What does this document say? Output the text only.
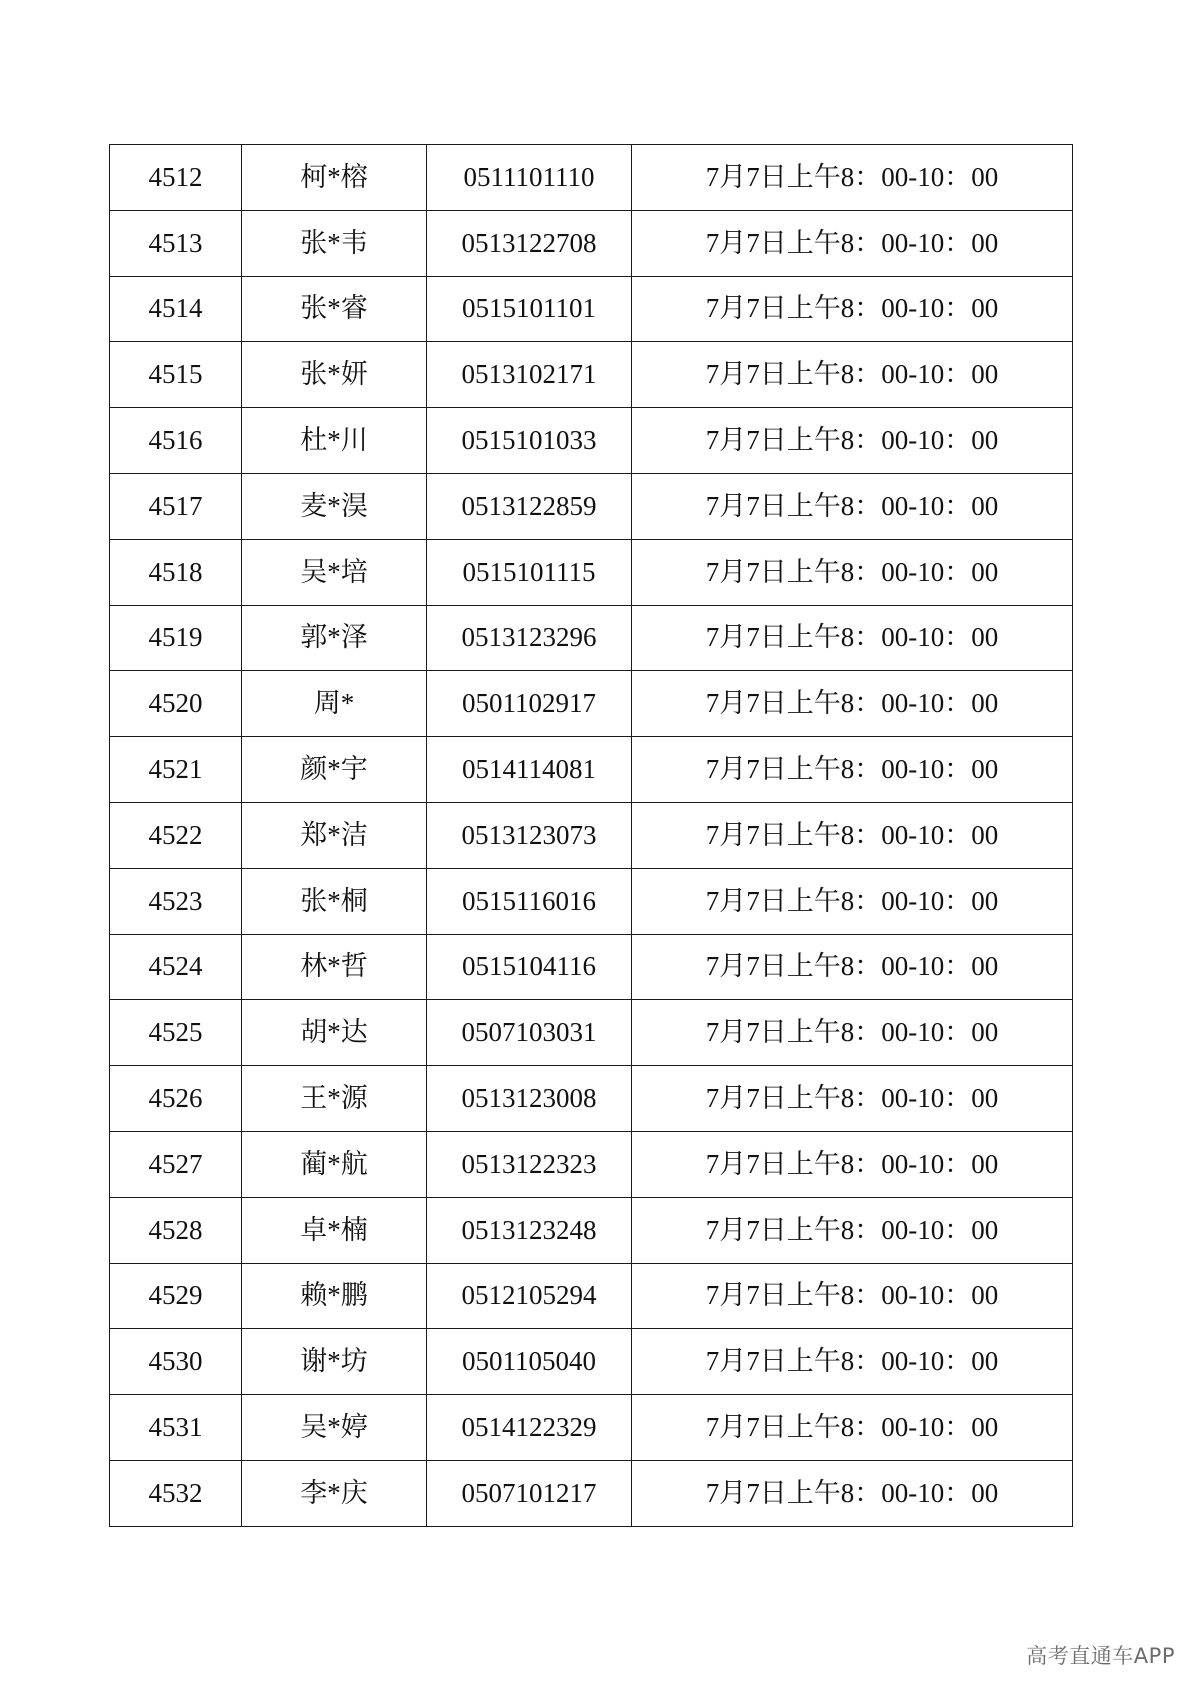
4512	柯*榕	0511101110	7月7日上午8：00-10：00
4513	张*韦	0513122708	7月7日上午8：00-10：00
4514	张*睿	0515101101	7月7日上午8：00-10：00
4515	张*妍	0513102171	7月7日上午8：00-10：00
4516	杜*川	0515101033	7月7日上午8：00-10：00
4517	麦*淏	0513122859	7月7日上午8：00-10：00
4518	吴*培	0515101115	7月7日上午8：00-10：00
4519	郭*泽	0513123296	7月7日上午8：00-10：00
4520	周*	0501102917	7月7日上午8：00-10：00
4521	颜*宇	0514114081	7月7日上午8：00-10：00
4522	郑*洁	0513123073	7月7日上午8：00-10：00
4523	张*桐	0515116016	7月7日上午8：00-10：00
4524	林*哲	0515104116	7月7日上午8：00-10：00
4525	胡*达	0507103031	7月7日上午8：00-10：00
4526	王*源	0513123008	7月7日上午8：00-10：00
4527	蔺*航	0513122323	7月7日上午8：00-10：00
4528	卓*楠	0513123248	7月7日上午8：00-10：00
4529	赖*鹏	0512105294	7月7日上午8：00-10：00
4530	谢*坊	0501105040	7月7日上午8：00-10：00
4531	吴*婷	0514122329	7月7日上午8：00-10：00
4532	李*庆	0507101217	7月7日上午8：00-10：00
高考直通车APP
